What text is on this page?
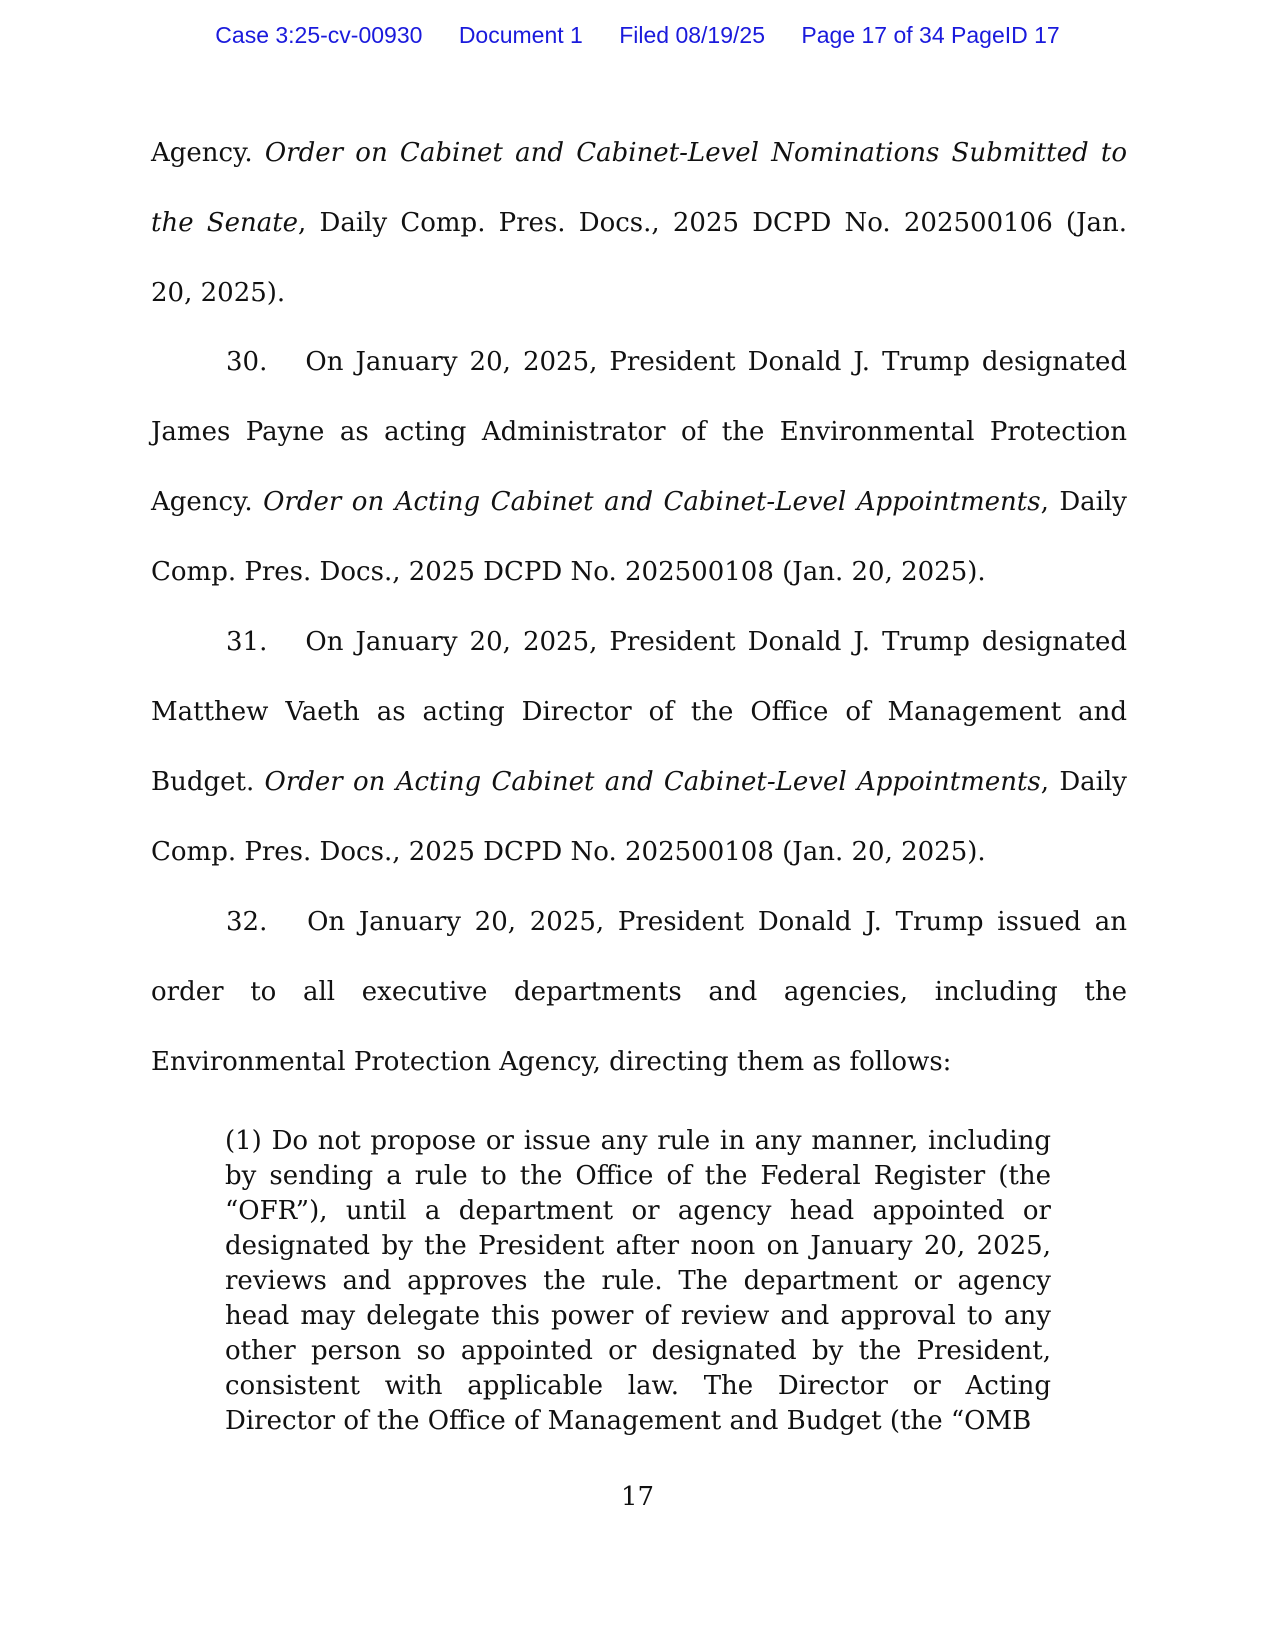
Case 3:25-cv-00930 Document 1 Filed 08/19/25 Page 17 of 34 PageID 17

Agency. Order on Cabinet and Cabinet-Level Nominations Submitted to the Senate, Daily Comp. Pres. Docs., 2025 DCPD No. 202500106 (Jan. 20, 2025).

30.  On January 20, 2025, President Donald J. Trump designated James Payne as acting Administrator of the Environmental Protection Agency. Order on Acting Cabinet and Cabinet-Level Appointments, Daily Comp. Pres. Docs., 2025 DCPD No. 202500108 (Jan. 20, 2025).

31.  On January 20, 2025, President Donald J. Trump designated Matthew Vaeth as acting Director of the Office of Management and Budget. Order on Acting Cabinet and Cabinet-Level Appointments, Daily Comp. Pres. Docs., 2025 DCPD No. 202500108 (Jan. 20, 2025).

32.  On January 20, 2025, President Donald J. Trump issued an order to all executive departments and agencies, including the Environmental Protection Agency, directing them as follows:

(1) Do not propose or issue any rule in any manner, including by sending a rule to the Office of the Federal Register (the “OFR”), until a department or agency head appointed or designated by the President after noon on January 20, 2025, reviews and approves the rule. The department or agency head may delegate this power of review and approval to any other person so appointed or designated by the President, consistent with applicable law. The Director or Acting Director of the Office of Management and Budget (the “OMB

17
